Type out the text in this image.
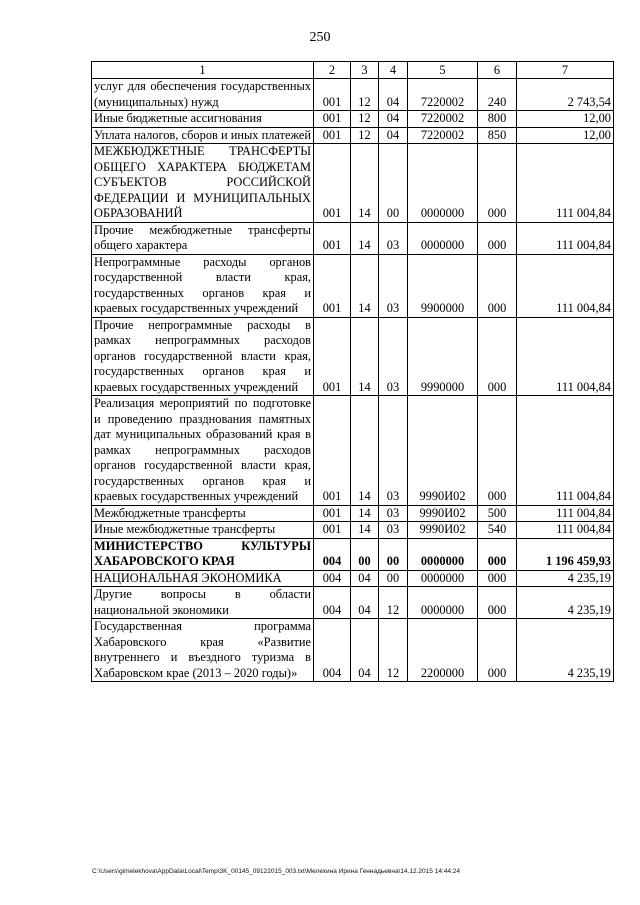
250
1	2	3	4	5	6	7
услуг для обеспечения государственных (муниципальных) нужд	001	12	04	7220002	240	2 743,54
Иные бюджетные ассигнования	001	12	04	7220002	800	12,00
Уплата налогов, сборов и иных платежей	001	12	04	7220002	850	12,00
МЕЖБЮДЖЕТНЫЕ ТРАНСФЕРТЫ ОБЩЕГО ХАРАКТЕРА БЮДЖЕТАМ СУБЪЕКТОВ РОССИЙСКОЙ ФЕДЕРАЦИИ И МУНИЦИПАЛЬНЫХ ОБРАЗОВАНИЙ	001	14	00	0000000	000	111 004,84
Прочие межбюджетные трансферты общего характера	001	14	03	0000000	000	111 004,84
Непрограммные расходы органов государственной власти края, государственных органов края и краевых государственных учреждений	001	14	03	9900000	000	111 004,84
Прочие непрограммные расходы в рамках непрограммных расходов органов государственной власти края, государственных органов края и краевых государственных учреждений	001	14	03	9990000	000	111 004,84
Реализация мероприятий по подготовке и проведению празднования памятных дат муниципальных образований края в рамках непрограммных расходов органов государственной власти края, государственных органов края и краевых государственных учреждений	001	14	03	9990И02	000	111 004,84
Межбюджетные трансферты	001	14	03	9990И02	500	111 004,84
Иные межбюджетные трансферты	001	14	03	9990И02	540	111 004,84
МИНИСТЕРСТВО КУЛЬТУРЫ ХАБАРОВСКОГО КРАЯ	004	00	00	0000000	000	1 196 459,93
НАЦИОНАЛЬНАЯ ЭКОНОМИКА	004	04	00	0000000	000	4 235,19
Другие вопросы в области национальной экономики	004	04	12	0000000	000	4 235,19
Государственная программа Хабаровского края «Развитие внутреннего и въездного туризма в Хабаровском крае (2013 – 2020 годы)»	004	04	12	2200000	000	4 235,19
C:\Users\gimelekhova\AppData\Local\Temp\3K_00145_09122015_003.txt\Мелехина Ирина Геннадьевна\14.12.2015 14:44:24
